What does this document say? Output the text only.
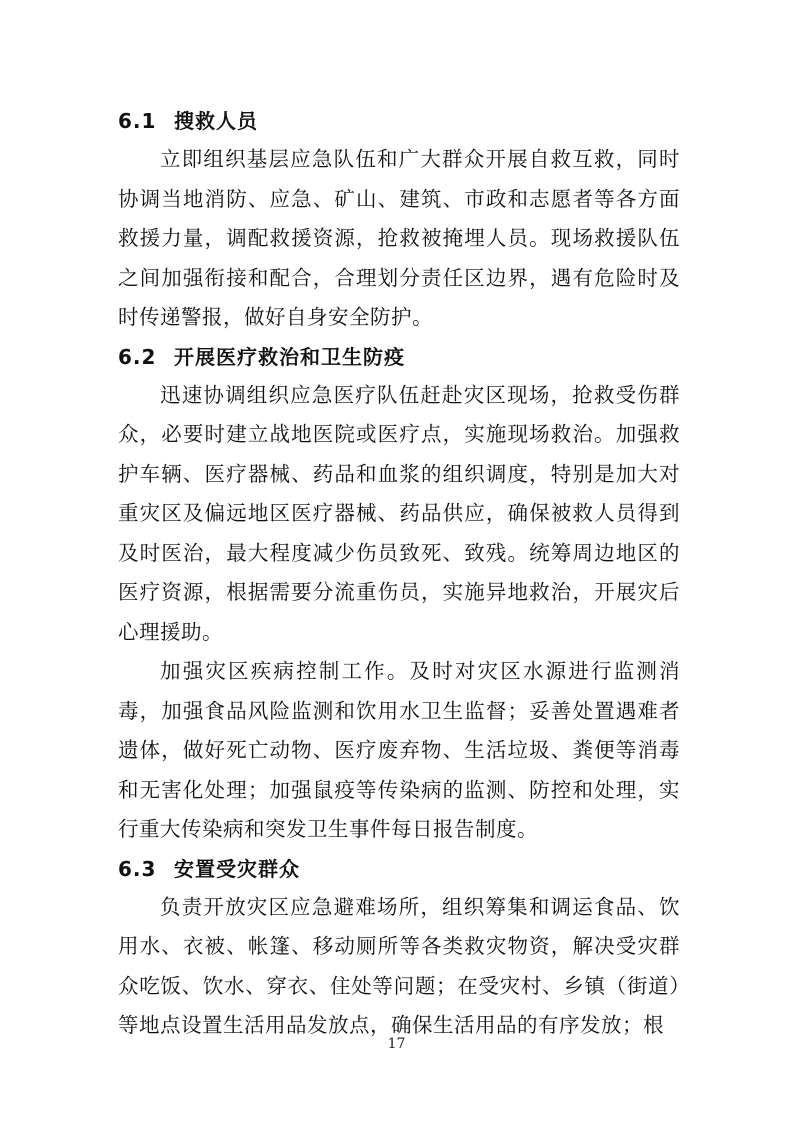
6.1 搜救人员

立即组织基层应急队伍和广大群众开展自救互救，同时协调当地消防、应急、矿山、建筑、市政和志愿者等各方面救援力量，调配救援资源，抢救被掩埋人员。现场救援队伍之间加强衔接和配合，合理划分责任区边界，遇有危险时及时传递警报，做好自身安全防护。

6.2 开展医疗救治和卫生防疫

迅速协调组织应急医疗队伍赶赴灾区现场，抢救受伤群众，必要时建立战地医院或医疗点，实施现场救治。加强救护车辆、医疗器械、药品和血浆的组织调度，特别是加大对重灾区及偏远地区医疗器械、药品供应，确保被救人员得到及时医治，最大程度减少伤员致死、致残。统筹周边地区的医疗资源，根据需要分流重伤员，实施异地救治，开展灾后心理援助。

加强灾区疾病控制工作。及时对灾区水源进行监测消毒，加强食品风险监测和饮用水卫生监督；妥善处置遇难者遗体，做好死亡动物、医疗废弃物、生活垃圾、粪便等消毒和无害化处理；加强鼠疫等传染病的监测、防控和处理，实行重大传染病和突发卫生事件每日报告制度。

6.3 安置受灾群众

负责开放灾区应急避难场所，组织筹集和调运食品、饮用水、衣被、帐篷、移动厕所等各类救灾物资，解决受灾群众吃饭、饮水、穿衣、住处等问题；在受灾村、乡镇（街道）等地点设置生活用品发放点，确保生活用品的有序发放；根

17
